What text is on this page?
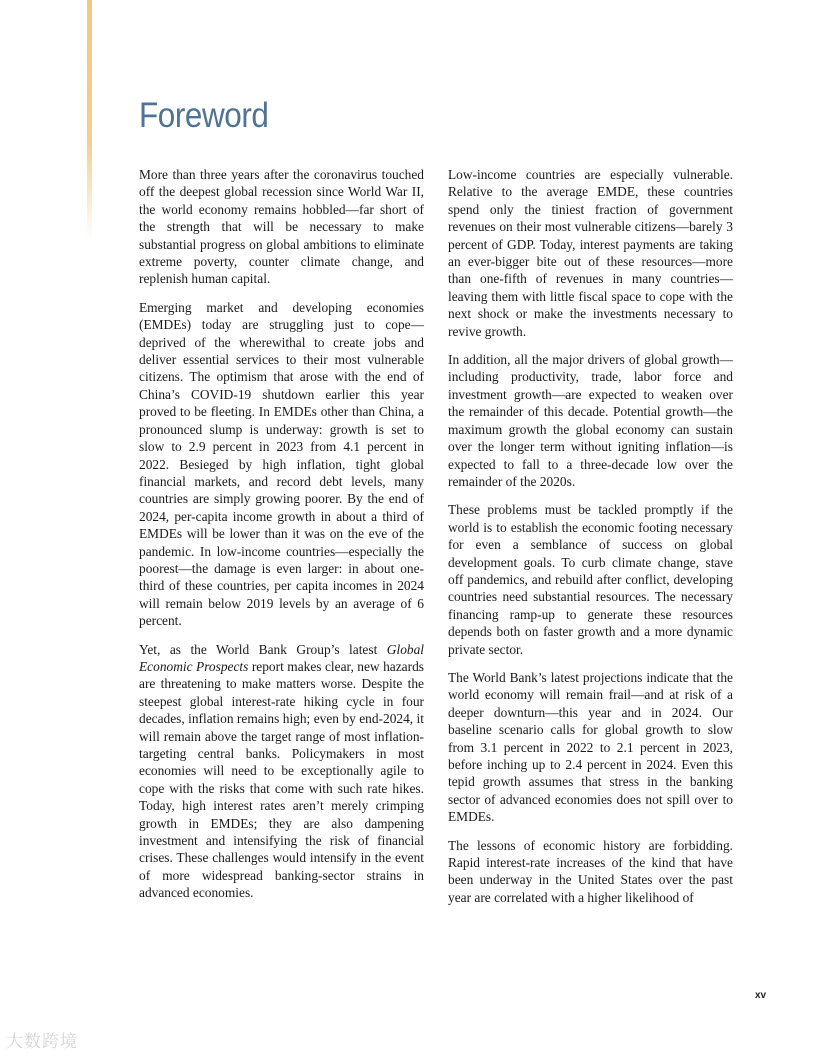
Foreword

More than three years after the coronavirus touched off the deepest global recession since World War II, the world economy remains hobbled—far short of the strength that will be necessary to make substantial progress on global ambitions to eliminate extreme poverty, counter climate change, and replenish human capital.

Emerging market and developing economies (EMDEs) today are struggling just to cope—deprived of the wherewithal to create jobs and deliver essential services to their most vulnerable citizens. The optimism that arose with the end of China’s COVID-19 shutdown earlier this year proved to be fleeting. In EMDEs other than China, a pronounced slump is underway: growth is set to slow to 2.9 percent in 2023 from 4.1 percent in 2022. Besieged by high inflation, tight global financial markets, and record debt levels, many countries are simply growing poorer. By the end of 2024, per-capita income growth in about a third of EMDEs will be lower than it was on the eve of the pandemic. In low-income countries—especially the poorest—the damage is even larger: in about one-third of these countries, per capita incomes in 2024 will remain below 2019 levels by an average of 6 percent.

Yet, as the World Bank Group’s latest Global Economic Prospects report makes clear, new hazards are threatening to make matters worse. Despite the steepest global interest-rate hiking cycle in four decades, inflation remains high; even by end-2024, it will remain above the target range of most inflation-targeting central banks. Policymakers in most economies will need to be exceptionally agile to cope with the risks that come with such rate hikes. Today, high interest rates aren’t merely crimping growth in EMDEs; they are also dampening investment and intensifying the risk of financial crises. These challenges would intensify in the event of more widespread banking-sector strains in advanced economies.

Low-income countries are especially vulnerable. Relative to the average EMDE, these countries spend only the tiniest fraction of government revenues on their most vulnerable citizens—barely 3 percent of GDP. Today, interest payments are taking an ever-bigger bite out of these resources—more than one-fifth of revenues in many countries—leaving them with little fiscal space to cope with the next shock or make the investments necessary to revive growth.

In addition, all the major drivers of global growth—including productivity, trade, labor force and investment growth—are expected to weaken over the remainder of this decade. Potential growth—the maximum growth the global economy can sustain over the longer term without igniting inflation—is expected to fall to a three-decade low over the remainder of the 2020s.

These problems must be tackled promptly if the world is to establish the economic footing necessary for even a semblance of success on global development goals. To curb climate change, stave off pandemics, and rebuild after conflict, developing countries need substantial resources. The necessary financing ramp-up to generate these resources depends both on faster growth and a more dynamic private sector.

The World Bank’s latest projections indicate that the world economy will remain frail—and at risk of a deeper downturn—this year and in 2024. Our baseline scenario calls for global growth to slow from 3.1 percent in 2022 to 2.1 percent in 2023, before inching up to 2.4 percent in 2024. Even this tepid growth assumes that stress in the banking sector of advanced economies does not spill over to EMDEs.

The lessons of economic history are forbidding. Rapid interest-rate increases of the kind that have been underway in the United States over the past year are correlated with a higher likelihood of

xv
大数跨境
